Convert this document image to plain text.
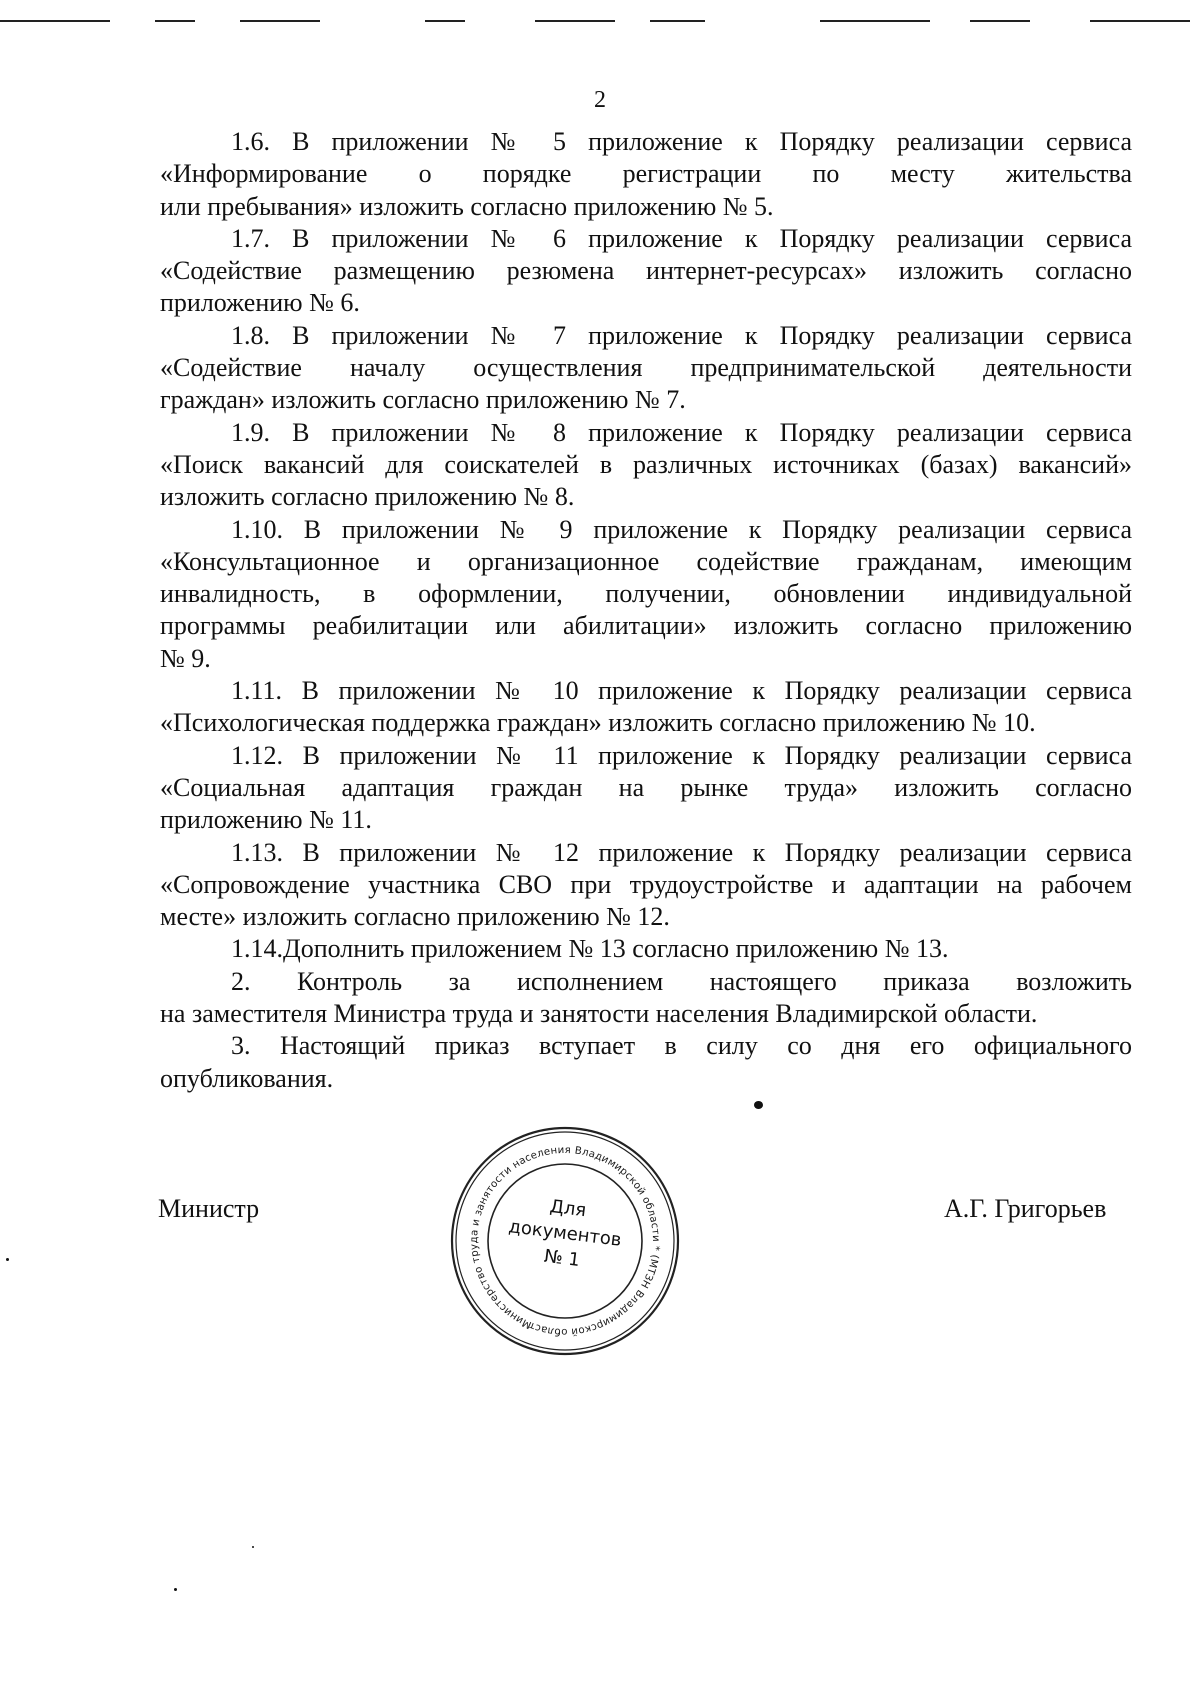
2

1.6. В приложении № 5 приложение к Порядку реализации сервиса
«Информирование о порядке регистрации по месту жительства
или пребывания» изложить согласно приложению № 5.

1.7. В приложении № 6 приложение к Порядку реализации сервиса
«Содействие размещению резюмена интернет-ресурсах» изложить согласно
приложению № 6.

1.8. В приложении № 7 приложение к Порядку реализации сервиса
«Содействие началу осуществления предпринимательской деятельности
граждан» изложить согласно приложению № 7.

1.9. В приложении № 8 приложение к Порядку реализации сервиса
«Поиск вакансий для соискателей в различных источниках (базах) вакансий»
изложить согласно приложению № 8.

1.10. В приложении № 9 приложение к Порядку реализации сервиса
«Консультационное и организационное содействие гражданам, имеющим
инвалидность, в оформлении, получении, обновлении индивидуальной
программы реабилитации или абилитации» изложить согласно приложению
№ 9.

1.11. В приложении № 10 приложение к Порядку реализации сервиса
«Психологическая поддержка граждан» изложить согласно приложению № 10.

1.12. В приложении № 11 приложение к Порядку реализации сервиса
«Социальная адаптация граждан на рынке труда» изложить согласно
приложению № 11.

1.13. В приложении № 12 приложение к Порядку реализации сервиса
«Сопровождение участника СВО при трудоустройстве и адаптации на рабочем
месте» изложить согласно приложению № 12.

1.14.Дополнить приложением № 13 согласно приложению № 13.

2. Контроль за исполнением настоящего приказа возложить
на заместителя Министра труда и занятости населения Владимирской области.

3. Настоящий приказ вступает в силу со дня его официального
опубликования.

Министр
Министерство труда и занятости населения Владимирской области * (МТЗН Владимирской области)
Для
документов
№ 1
А.Г. Григорьев
